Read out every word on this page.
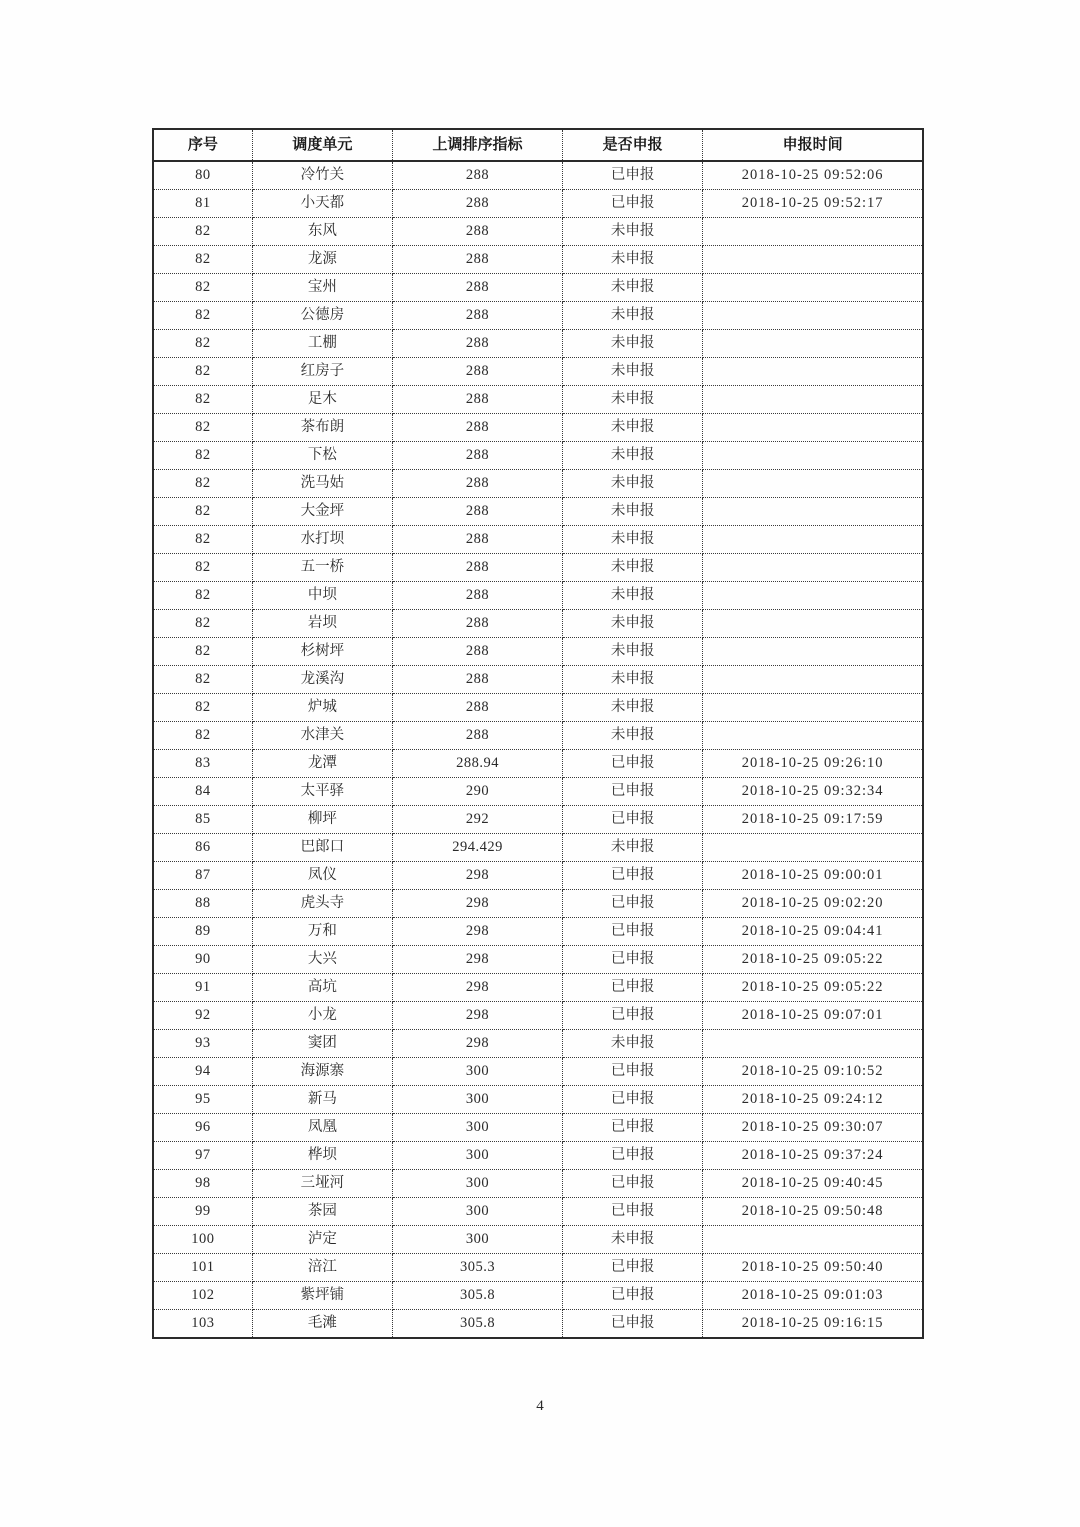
序号	调度单元	上调排序指标	是否申报	申报时间
80	冷竹关	288	已申报	2018-10-25 09:52:06
81	小天都	288	已申报	2018-10-25 09:52:17
82	东风	288	未申报	
82	龙源	288	未申报	
82	宝州	288	未申报	
82	公德房	288	未申报	
82	工棚	288	未申报	
82	红房子	288	未申报	
82	足木	288	未申报	
82	茶布朗	288	未申报	
82	下松	288	未申报	
82	洗马姑	288	未申报	
82	大金坪	288	未申报	
82	水打坝	288	未申报	
82	五一桥	288	未申报	
82	中坝	288	未申报	
82	岩坝	288	未申报	
82	杉树坪	288	未申报	
82	龙溪沟	288	未申报	
82	炉城	288	未申报	
82	水津关	288	未申报	
83	龙潭	288.94	已申报	2018-10-25 09:26:10
84	太平驿	290	已申报	2018-10-25 09:32:34
85	柳坪	292	已申报	2018-10-25 09:17:59
86	巴郎口	294.429	未申报	
87	凤仪	298	已申报	2018-10-25 09:00:01
88	虎头寺	298	已申报	2018-10-25 09:02:20
89	万和	298	已申报	2018-10-25 09:04:41
90	大兴	298	已申报	2018-10-25 09:05:22
91	高坑	298	已申报	2018-10-25 09:05:22
92	小龙	298	已申报	2018-10-25 09:07:01
93	窦团	298	未申报	
94	海源寨	300	已申报	2018-10-25 09:10:52
95	新马	300	已申报	2018-10-25 09:24:12
96	凤凰	300	已申报	2018-10-25 09:30:07
97	桦坝	300	已申报	2018-10-25 09:37:24
98	三垭河	300	已申报	2018-10-25 09:40:45
99	茶园	300	已申报	2018-10-25 09:50:48
100	泸定	300	未申报	
101	涪江	305.3	已申报	2018-10-25 09:50:40
102	紫坪铺	305.8	已申报	2018-10-25 09:01:03
103	毛滩	305.8	已申报	2018-10-25 09:16:15
4
